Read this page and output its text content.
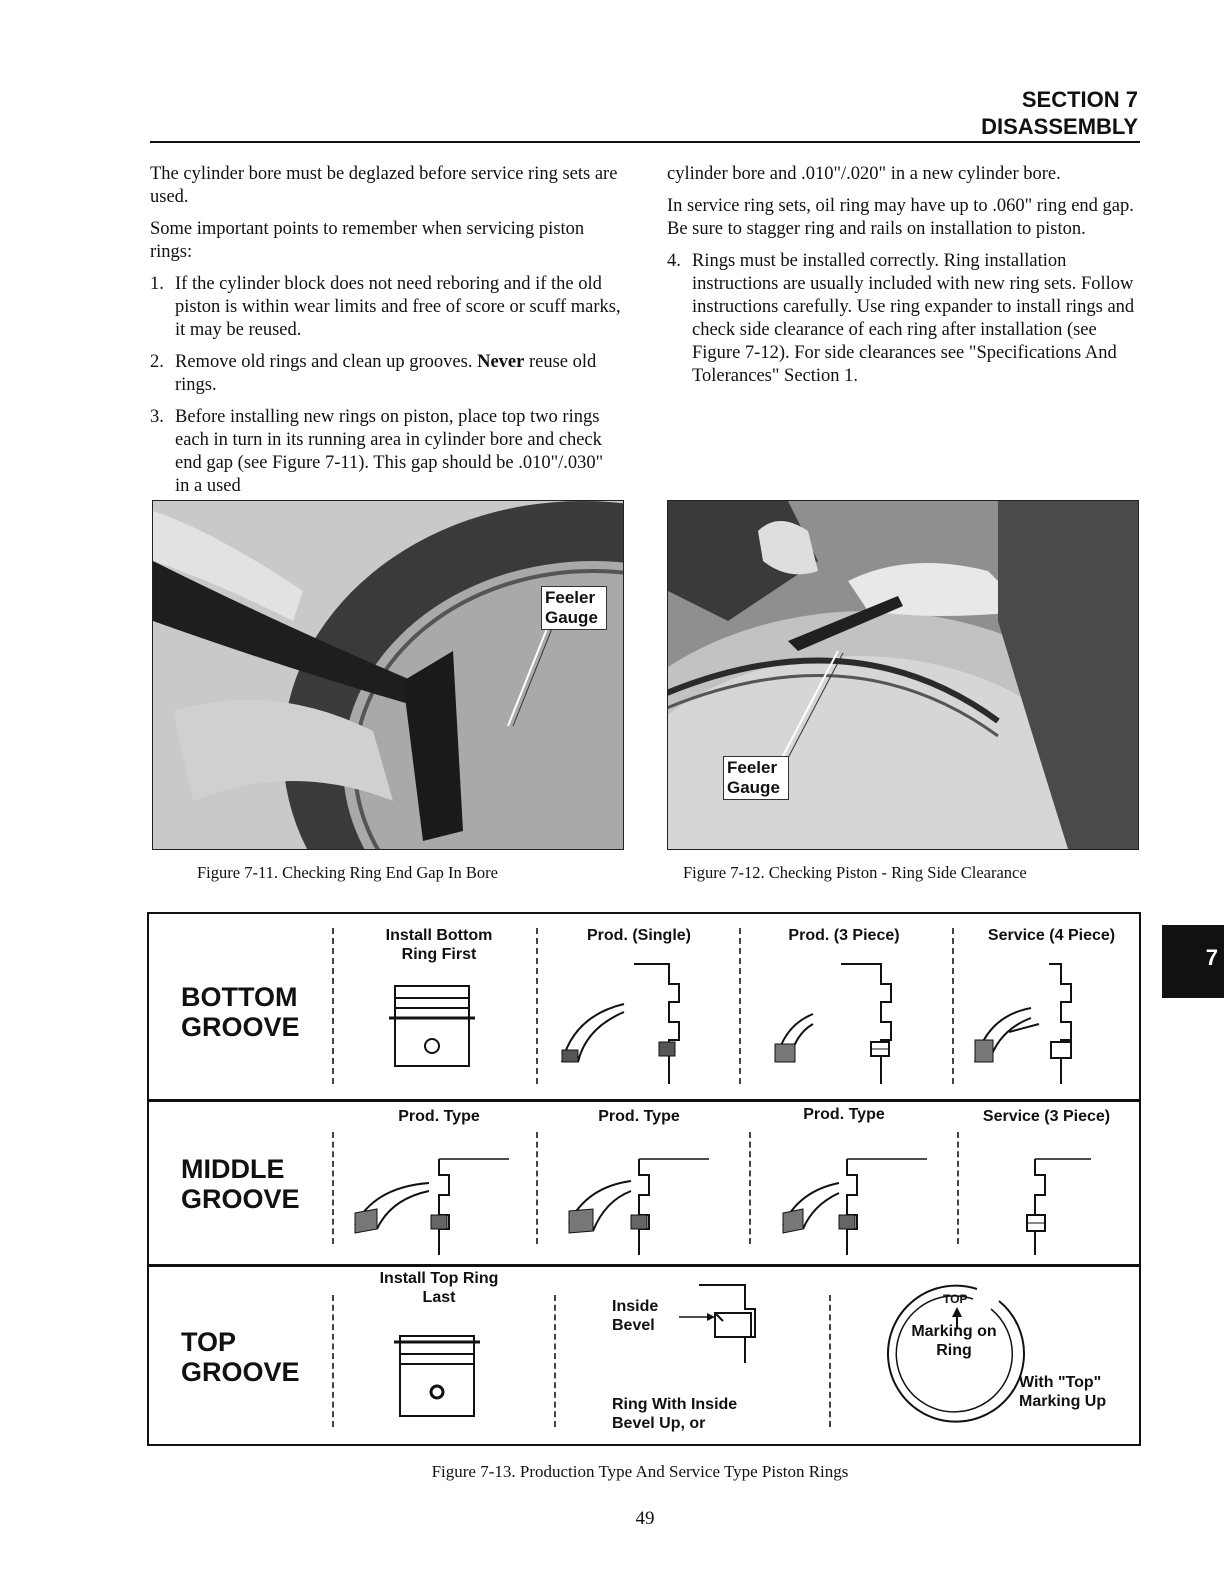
SECTION 7
DISASSEMBLY

The cylinder bore must be deglazed before service ring sets are used.

Some important points to remember when servicing piston rings:

1. If the cylinder block does not need reboring and if the old piston is within wear limits and free of score or scuff marks, it may be reused.
2. Remove old rings and clean up grooves. Never reuse old rings.
3. Before installing new rings on piston, place top two rings each in turn in its running area in cylinder bore and check end gap (see Figure 7-11). This gap should be .010"/.030" in a used

cylinder bore and .010"/.020" in a new cylinder bore.

In service ring sets, oil ring may have up to .060" ring end gap. Be sure to stagger ring and rails on installation to piston.

4. Rings must be installed correctly. Ring installation instructions are usually included with new ring sets. Follow instructions carefully. Use ring expander to install rings and check side clearance of each ring after installation (see Figure 7-12). For side clearances see "Specifications And Tolerances" Section 1.
Feeler Gauge
Feeler Gauge
Figure 7-11. Checking Ring End Gap In Bore	Figure 7-12. Checking Piston - Ring Side Clearance
BOTTOM GROOVE
Install Bottom Ring First
Prod. (Single)	Prod. (3 Piece)	Service (4 Piece)
MIDDLE GROOVE
Prod. Type	Prod. Type	Prod. Type	Service (3 Piece)
TOP GROOVE
Install Top Ring Last
Inside Bevel
Ring With Inside Bevel Up, or
TOP
Marking on Ring
With "Top" Marking Up
Figure 7-13. Production Type And Service Type Piston Rings
49
7
